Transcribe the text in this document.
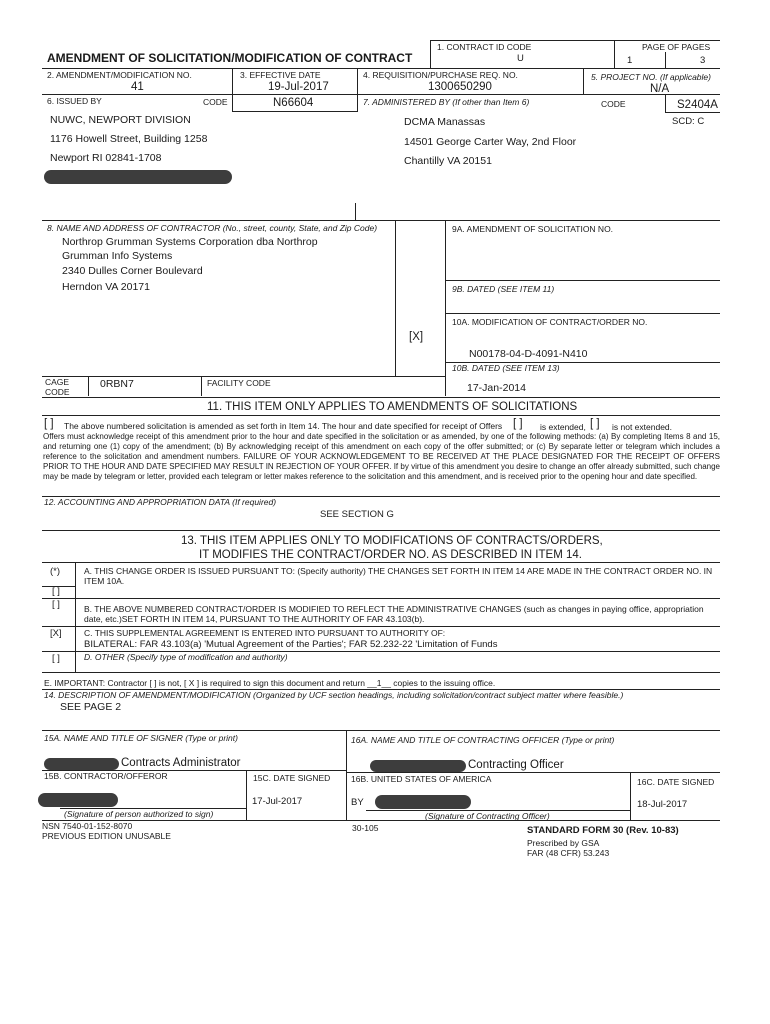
1. CONTRACT ID CODE
U
PAGE OF PAGES
1	3
AMENDMENT OF SOLICITATION/MODIFICATION OF CONTRACT
2. AMENDMENT/MODIFICATION NO.
41
3. EFFECTIVE DATE
19-Jul-2017
4. REQUISITION/PURCHASE REQ. NO.
1300650290
5. PROJECT NO. (If applicable)
N/A
6. ISSUED BY	CODE	N66604	7. ADMINISTERED BY (If other than Item 6)	CODE	S2404A
SCD: C
NUWC, NEWPORT DIVISION
1176 Howell Street, Building 1258
Newport RI 02841-1708
DCMA Manassas
14501 George Carter Way, 2nd Floor
Chantilly VA 20151
8. NAME AND ADDRESS OF CONTRACTOR (No., street, county, State, and Zip Code)
Northrop Grumman Systems Corporation dba Northrop
Grumman Info Systems
2340 Dulles Corner Boulevard
Herndon VA 20171
9A. AMENDMENT OF SOLICITATION NO.
9B. DATED (SEE ITEM 11)
10A. MODIFICATION OF CONTRACT/ORDER NO.
[X]
N00178-04-D-4091-N410
10B. DATED (SEE ITEM 13)
17-Jan-2014
CAGE CODE
0RBN7	FACILITY CODE
11. THIS ITEM ONLY APPLIES TO AMENDMENTS OF SOLICITATIONS
[ ] The above numbered solicitation is amended as set forth in Item 14. The hour and date specified for receipt of Offers [ ] is extended, [ ] is not extended.
Offers must acknowledge receipt of this amendment prior to the hour and date specified in the solicitation or as amended, by one of the following methods: (a) By completing Items 8 and 15, and returning one (1) copy of the amendment; (b) By acknowledging receipt of this amendment on each copy of the offer submitted; or (c) By separate letter or telegram which includes a reference to the solicitation and amendment numbers. FAILURE OF YOUR ACKNOWLEDGEMENT TO BE RECEIVED AT THE PLACE DESIGNATED FOR THE RECEIPT OF OFFERS PRIOR TO THE HOUR AND DATE SPECIFIED MAY RESULT IN REJECTION OF YOUR OFFER. If by virtue of this amendment you desire to change an offer already submitted, such change may be made by telegram or letter, provided each telegram or letter makes reference to the solicitation and this amendment, and is received prior to the opening hour and date specified.
12. ACCOUNTING AND APPROPRIATION DATA (If required)
SEE SECTION G
13. THIS ITEM APPLIES ONLY TO MODIFICATIONS OF CONTRACTS/ORDERS,
IT MODIFIES THE CONTRACT/ORDER NO. AS DESCRIBED IN ITEM 14.
(*)	A. THIS CHANGE ORDER IS ISSUED PURSUANT TO: (Specify authority) THE CHANGES SET FORTH IN ITEM 14 ARE MADE IN THE CONTRACT ORDER NO. IN
ITEM 10A.
[ ]
[ ]	B. THE ABOVE NUMBERED CONTRACT/ORDER IS MODIFIED TO REFLECT THE ADMINISTRATIVE CHANGES (such as changes in paying office, appropriation
date, etc.)SET FORTH IN ITEM 14, PURSUANT TO THE AUTHORITY OF FAR 43.103(b).
[X]	C. THIS SUPPLEMENTAL AGREEMENT IS ENTERED INTO PURSUANT TO AUTHORITY OF:
BILATERAL: FAR 43.103(a) 'Mutual Agreement of the Parties'; FAR 52.232-22 'Limitation of Funds
[ ]	D. OTHER (Specify type of modification and authority)
E. IMPORTANT: Contractor [ ] is not, [ X ] is required to sign this document and return __1__ copies to the issuing office.
14. DESCRIPTION OF AMENDMENT/MODIFICATION (Organized by UCF section headings, including solicitation/contract subject matter where feasible.)
SEE PAGE 2
15A. NAME AND TITLE OF SIGNER (Type or print)	16A. NAME AND TITLE OF CONTRACTING OFFICER (Type or print)
Contracts Administrator	Contracting Officer
15B. CONTRACTOR/OFFEROR	15C. DATE SIGNED 16B. UNITED STATES OF AMERICA	16C. DATE SIGNED
17-Jul-2017	BY	18-Jul-2017
(Signature of person authorized to sign)	(Signature of Contracting Officer)
NSN 7540-01-152-8070
PREVIOUS EDITION UNUSABLE
30-105	STANDARD FORM 30 (Rev. 10-83)
Prescribed by GSA
FAR (48 CFR) 53.243
